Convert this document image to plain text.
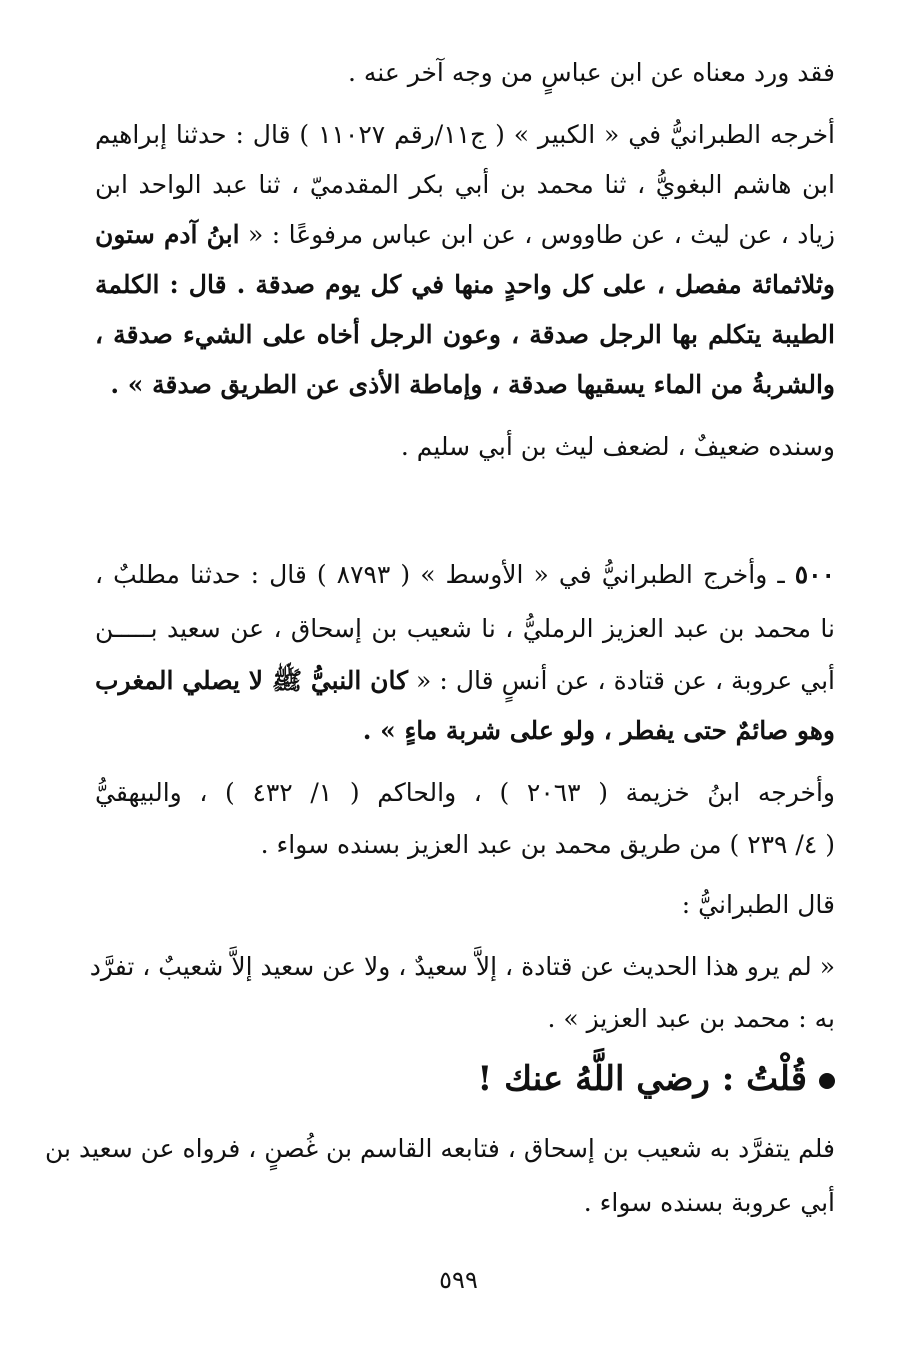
فقد ورد معناه عن ابن عباسٍ من وجه آخر عنه .
أخرجه الطبرانيُّ في « الكبير » ( ج١١/رقم ١١٠٢٧ ) قال : حدثنا إبراهيم
ابن هاشم البغويُّ ، ثنا محمد بن أبي بكر المقدميّ ، ثنا عبد الواحد ابن
زياد ، عن ليث ، عن طاووس ، عن ابن عباس مرفوعًا : « ابنُ آدم ستون
وثلاثمائة مفصل ، على كل واحدٍ منها في كل يوم صدقة . قال : الكلمة
الطيبة يتكلم بها الرجل صدقة ، وعون الرجل أخاه على الشيء صدقة ،
والشربةُ من الماء يسقيها صدقة ، وإماطة الأذى عن الطريق صدقة » .
وسنده ضعيفٌ ، لضعف ليث بن أبي سليم .
٥٠٠ ـ وأخرج الطبرانيُّ في « الأوسط » ( ٨٧٩٣ ) قال : حدثنا مطلبٌ ،
نا محمد بن عبد العزيز الرمليُّ ، نا شعيب بن إسحاق ، عن سعيد بـــــن
أبي عروبة ، عن قتادة ، عن أنسٍ قال : « كان النبيُّ ﷺ لا يصلي المغرب
وهو صائمٌ حتى يفطر ، ولو على شربة ماءٍ » .
وأخرجه ابنُ خزيمة ( ٢٠٦٣ ) ، والحاكم ( ١/ ٤٣٢ ) ، والبيهقيُّ
( ٤/ ٢٣٩ ) من طريق محمد بن عبد العزيز بسنده سواء .
قال الطبرانيُّ :
« لم يرو هذا الحديث عن قتادة ، إلاَّ سعيدٌ ، ولا عن سعيد إلاَّ شعيبٌ ، تفرَّد
به : محمد بن عبد العزيز » .
قُلْتُ : رضي اللَّهُ عنك !
فلم يتفرَّد به شعيب بن إسحاق ، فتابعه القاسم بن غُصنٍ ، فرواه عن سعيد بن
أبي عروبة بسنده سواء .
٥٩٩
